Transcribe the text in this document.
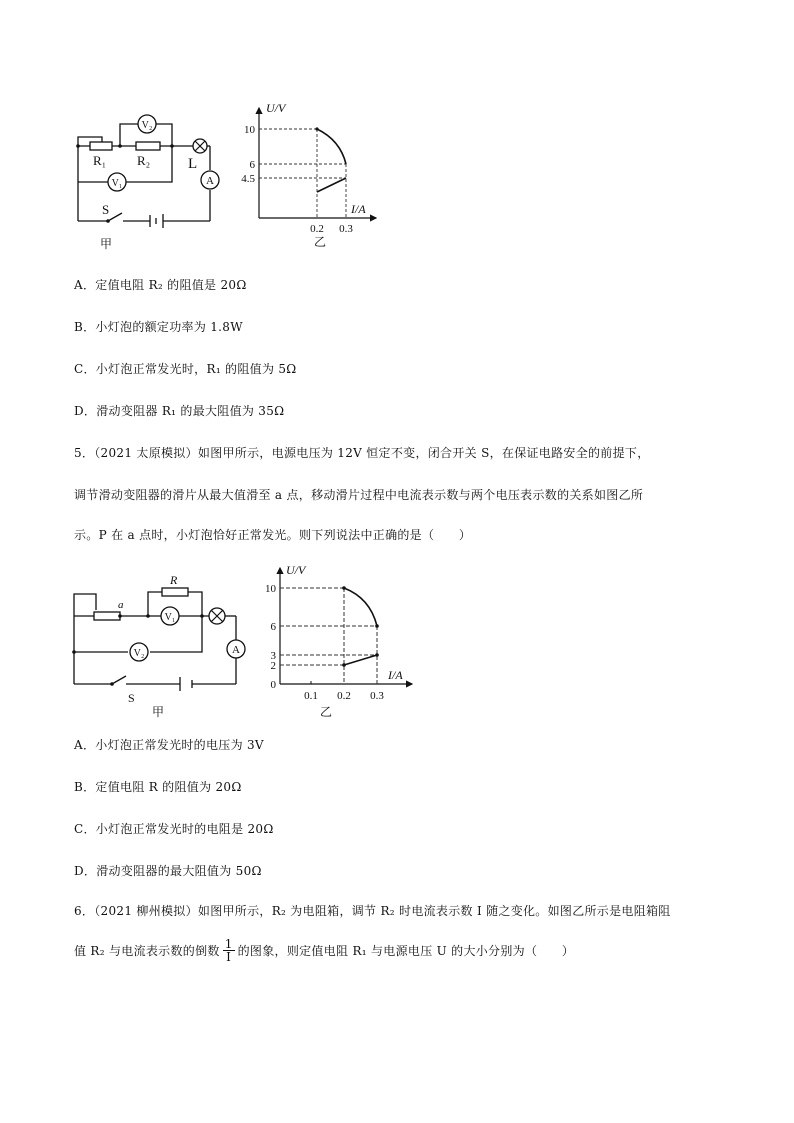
V₂
V₁	A
R₁ R₂	L
S
甲
U/V
I/A
10
6
4.5
0.2 0.3
乙
A．定值电阻 R₂ 的阻值是 20Ω
B．小灯泡的额定功率为 1.8W
C．小灯泡正常发光时，R₁ 的阻值为 5Ω
D．滑动变阻器 R₁ 的最大阻值为 35Ω
5．（2021 太原模拟）如图甲所示，电源电压为 12V 恒定不变，闭合开关 S，在保证电路安全的前提下，
调节滑动变阻器的滑片从最大值滑至 a 点，移动滑片过程中电流表示数与两个电压表示数的关系如图乙所
示。P 在 a 点时，小灯泡恰好正常发光。则下列说法中正确的是（　　）
V₁
V₂	A
a
R
S
甲
U/V
I/A
10
6
3
2
0
0.1 0.2 0.3
乙
A．小灯泡正常发光时的电压为 3V
B．定值电阻 R 的阻值为 20Ω
C．小灯泡正常发光时的电阻是 20Ω
D．滑动变阻器的最大阻值为 50Ω
6．（2021 柳州模拟）如图甲所示，R₂ 为电阻箱，调节 R₂ 时电流表示数 I 随之变化。如图乙所示是电阻箱阻
值 R₂ 与电流表示数的倒数 $\frac{1}{I}$ 的图象，则定值电阻 R₁ 与电源电压 U 的大小分别为（　　）
